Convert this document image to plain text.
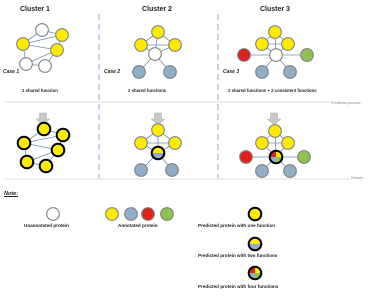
Cluster 1	Cluster 2	Cluster 3
Case 1	Case 2	Case 3
1 shared function	2 shared functions	2 shared functions + 2 consistent functions
Prediction process
Results
Note:
Unannotated protein	Annotated protein	Predicted protein with one function
Predicted protein with two functions
Predicted protein with four functions
